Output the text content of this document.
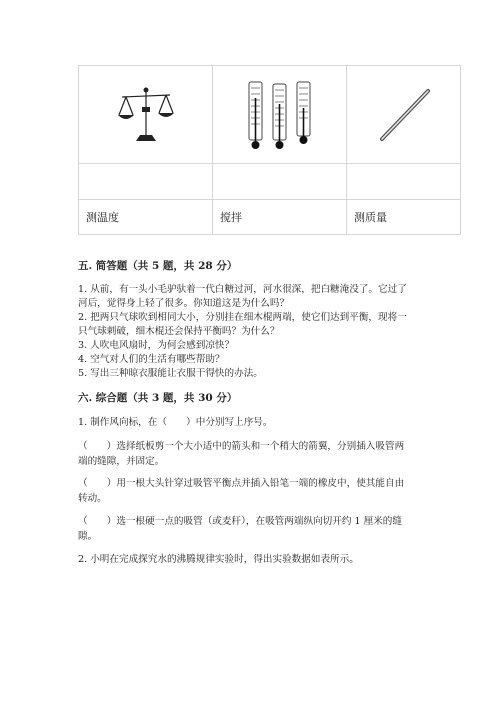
测温度	搅拌	测质量

五. 简答题（共 5 题，共 28 分）

1. 从前，有一头小毛驴驮着一代白糖过河，河水很深，把白糖淹没了。它过了

河后，觉得身上轻了很多。你知道这是为什么吗？

2. 把两只气球吹到相同大小，分别挂在细木棍两端，使它们达到平衡，现将一

只气球刺破，细木棍还会保持平衡吗？为什么？

3. 人吹电风扇时，为何会感到凉快？

4. 空气对人们的生活有哪些帮助？

5. 写出三种晾衣服能让衣服干得快的办法。

六. 综合题（共 3 题，共 30 分）

1. 制作风向标，在（　　）中分别写上序号。

（　　）选择纸板剪一个大小适中的箭头和一个稍大的箭翼，分别插入吸管两

端的缝隙，并固定。

（　　）用一根大头针穿过吸管平衡点并插入铅笔一端的橡皮中，使其能自由

转动。

（　　）选一根硬一点的吸管（或麦秆），在吸管两端纵向切开约 1 厘米的缝

隙。

2. 小明在完成探究水的沸腾规律实验时，得出实验数据如表所示。
